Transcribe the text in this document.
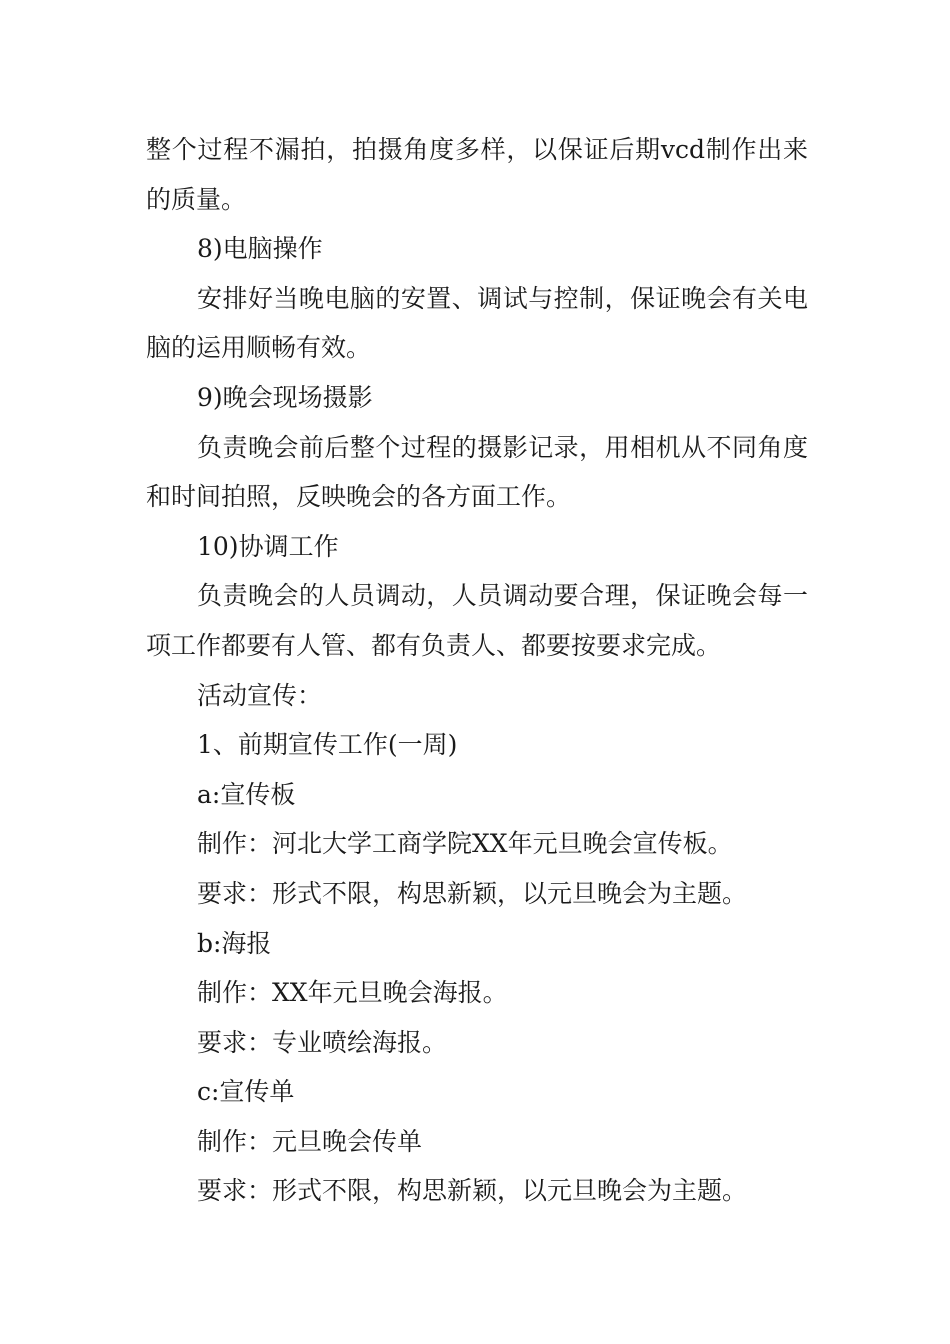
整个过程不漏拍，拍摄角度多样，以保证后期vcd制作出来的质量。

8)电脑操作

安排好当晚电脑的安置、调试与控制，保证晚会有关电脑的运用顺畅有效。

9)晚会现场摄影

负责晚会前后整个过程的摄影记录，用相机从不同角度和时间拍照，反映晚会的各方面工作。

10)协调工作

负责晚会的人员调动，人员调动要合理，保证晚会每一项工作都要有人管、都有负责人、都要按要求完成。

活动宣传：

1、前期宣传工作(一周)

a:宣传板

制作：河北大学工商学院XX年元旦晚会宣传板。

要求：形式不限，构思新颖，以元旦晚会为主题。

b:海报

制作：XX年元旦晚会海报。

要求：专业喷绘海报。

c:宣传单

制作：元旦晚会传单

要求：形式不限，构思新颖，以元旦晚会为主题。
